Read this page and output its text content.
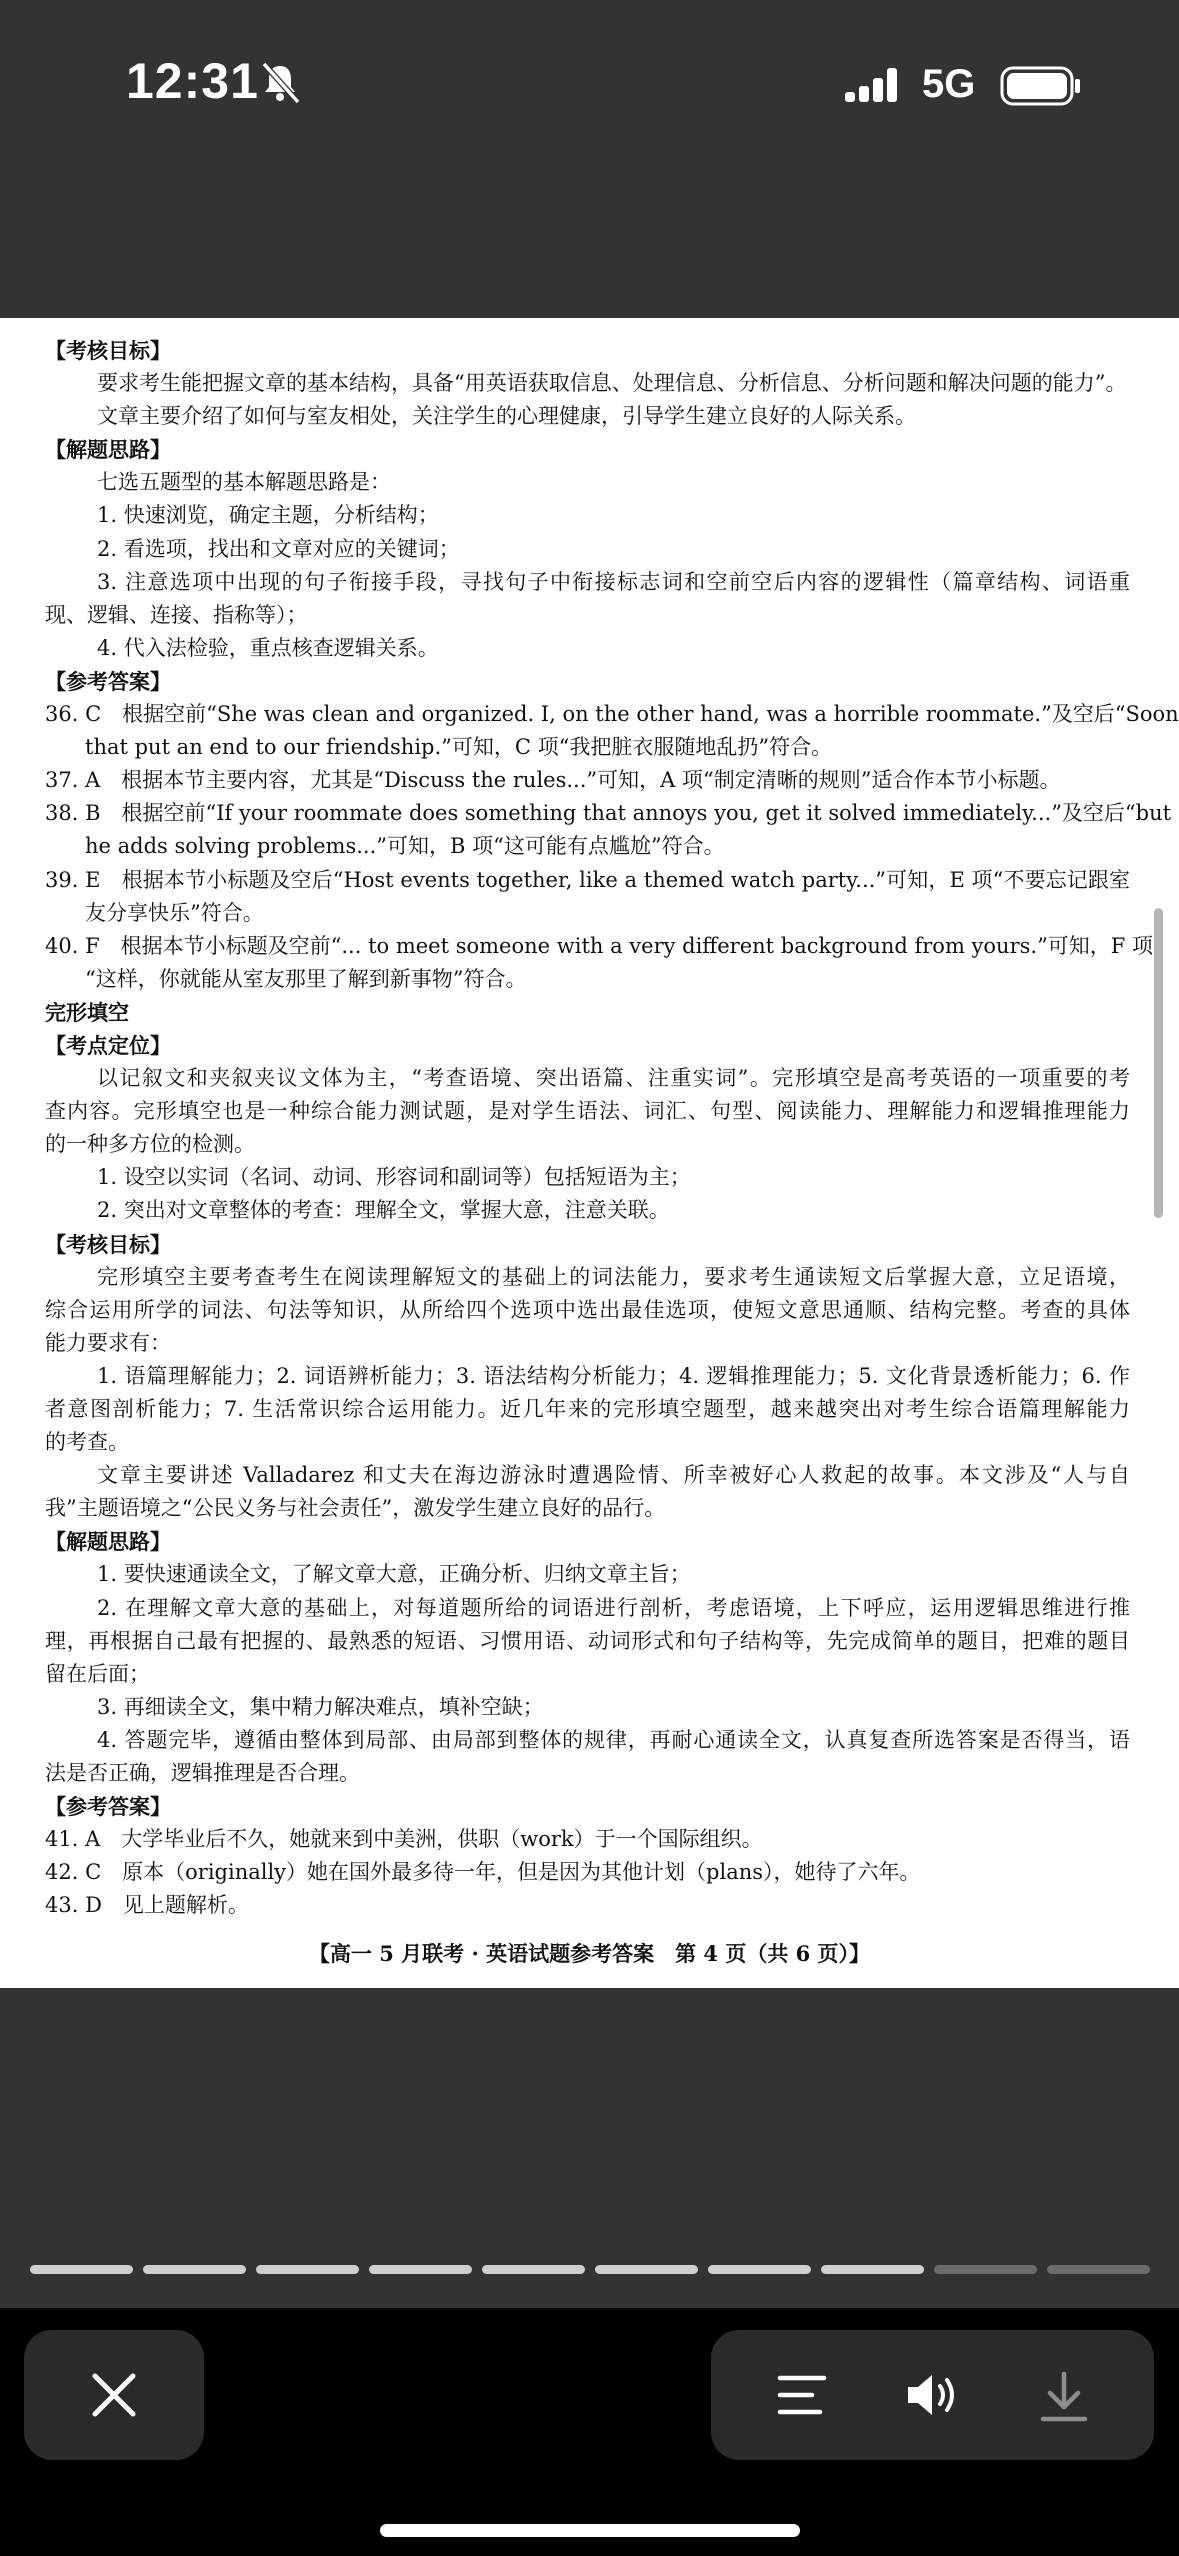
12:31	5G
【考核目标】
要求考生能把握文章的基本结构，具备“用英语获取信息、处理信息、分析信息、分析问题和解决问题的能力”。
文章主要介绍了如何与室友相处，关注学生的心理健康，引导学生建立良好的人际关系。
【解题思路】
七选五题型的基本解题思路是：
1. 快速浏览，确定主题，分析结构；
2. 看选项，找出和文章对应的关键词；
3. 注意选项中出现的句子衔接手段，寻找句子中衔接标志词和空前空后内容的逻辑性（篇章结构、词语重
现、逻辑、连接、指称等）；
4. 代入法检验，重点核查逻辑关系。
【参考答案】
36. C　根据空前“She was clean and organized. I, on the other hand, was a horrible roommate.”及空后“Soon
that put an end to our friendship.”可知，C 项“我把脏衣服随地乱扔”符合。
37. A　根据本节主要内容，尤其是“Discuss the rules...”可知，A 项“制定清晰的规则”适合作本节小标题。
38. B　根据空前“If your roommate does something that annoys you, get it solved immediately...”及空后“but
he adds solving problems...”可知，B 项“这可能有点尴尬”符合。
39. E　根据本节小标题及空后“Host events together, like a themed watch party...”可知，E 项“不要忘记跟室
友分享快乐”符合。
40. F　根据本节小标题及空前“... to meet someone with a very different background from yours.”可知，F 项
“这样，你就能从室友那里了解到新事物”符合。
完形填空
【考点定位】
以记叙文和夹叙夹议文体为主，“考查语境、突出语篇、注重实词”。完形填空是高考英语的一项重要的考
查内容。完形填空也是一种综合能力测试题，是对学生语法、词汇、句型、阅读能力、理解能力和逻辑推理能力
的一种多方位的检测。
1. 设空以实词（名词、动词、形容词和副词等）包括短语为主；
2. 突出对文章整体的考查：理解全文，掌握大意，注意关联。
【考核目标】
完形填空主要考查考生在阅读理解短文的基础上的词法能力，要求考生通读短文后掌握大意，立足语境，
综合运用所学的词法、句法等知识，从所给四个选项中选出最佳选项，使短文意思通顺、结构完整。考查的具体
能力要求有：
1. 语篇理解能力；2. 词语辨析能力；3. 语法结构分析能力；4. 逻辑推理能力；5. 文化背景透析能力；6. 作
者意图剖析能力；7. 生活常识综合运用能力。近几年来的完形填空题型，越来越突出对考生综合语篇理解能力
的考查。
文章主要讲述 Valladarez 和丈夫在海边游泳时遭遇险情、所幸被好心人救起的故事。本文涉及“人与自
我”主题语境之“公民义务与社会责任”，激发学生建立良好的品行。
【解题思路】
1. 要快速通读全文，了解文章大意，正确分析、归纳文章主旨；
2. 在理解文章大意的基础上，对每道题所给的词语进行剖析，考虑语境，上下呼应，运用逻辑思维进行推
理，再根据自己最有把握的、最熟悉的短语、习惯用语、动词形式和句子结构等，先完成简单的题目，把难的题目
留在后面；
3. 再细读全文，集中精力解决难点，填补空缺；
4. 答题完毕，遵循由整体到局部、由局部到整体的规律，再耐心通读全文，认真复查所选答案是否得当，语
法是否正确，逻辑推理是否合理。
【参考答案】
41. A　大学毕业后不久，她就来到中美洲，供职（work）于一个国际组织。
42. C　原本（originally）她在国外最多待一年，但是因为其他计划（plans），她待了六年。
43. D　见上题解析。
【高一 5 月联考 · 英语试题参考答案　第 4 页（共 6 页）】
